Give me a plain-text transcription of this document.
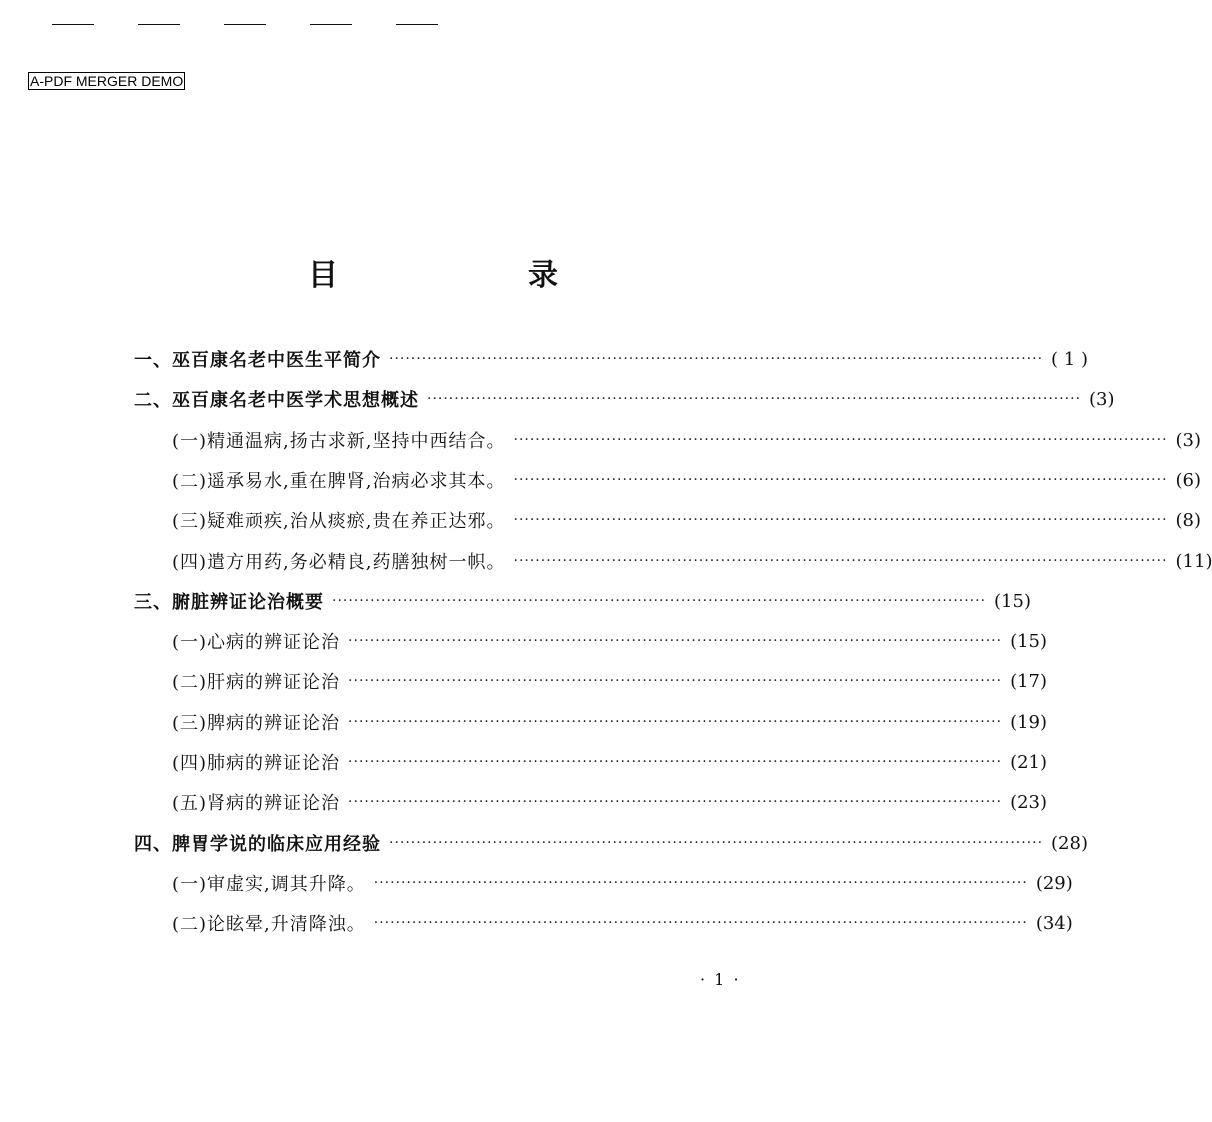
A-PDF MERGER DEMO
目　录
一、巫百康名老中医生平简介 ························································································································ ( 1 )
二、巫百康名老中医学术思想概述 ························································································································ (3)
(一)精通温病,扬古求新,坚持中西结合。 ························································································································ (3)
(二)遥承易水,重在脾肾,治病必求其本。 ························································································································ (6)
(三)疑难顽疾,治从痰瘀,贵在养正达邪。 ························································································································ (8)
(四)遣方用药,务必精良,药膳独树一帜。 ························································································································ (11)
三、腑脏辨证论治概要 ························································································································ (15)
(一)心病的辨证论治 ························································································································ (15)
(二)肝病的辨证论治 ························································································································ (17)
(三)脾病的辨证论治 ························································································································ (19)
(四)肺病的辨证论治 ························································································································ (21)
(五)肾病的辨证论治 ························································································································ (23)
四、脾胃学说的临床应用经验 ························································································································ (28)
(一)审虚实,调其升降。 ························································································································ (29)
(二)论眩晕,升清降浊。 ························································································································ (34)
· 1 ·
